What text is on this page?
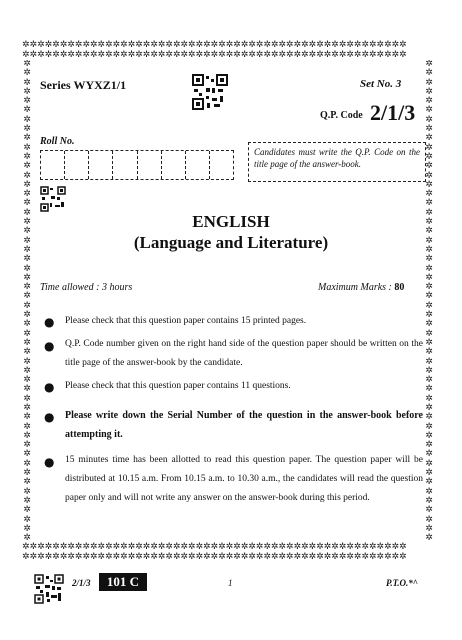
✲✲✲✲✲✲✲✲✲✲✲✲✲✲✲✲✲✲✲✲✲✲✲✲✲✲✲✲✲✲✲✲✲✲✲✲✲✲✲✲✲✲✲✲✲✲✲✲✲✲✲
✲✲✲✲✲✲✲✲✲✲✲✲✲✲✲✲✲✲✲✲✲✲✲✲✲✲✲✲✲✲✲✲✲✲✲✲✲✲✲✲✲✲✲✲✲✲✲✲✲✲✲
✲✲✲✲✲✲✲✲✲✲✲✲✲✲✲✲✲✲✲✲✲✲✲✲✲✲✲✲✲✲✲✲✲✲✲✲✲✲✲✲✲✲✲✲✲✲✲✲✲✲✲
✲✲✲✲✲✲✲✲✲✲✲✲✲✲✲✲✲✲✲✲✲✲✲✲✲✲✲✲✲✲✲✲✲✲✲✲✲✲✲✲✲✲✲✲✲✲✲✲✲✲✲
✲
✲
✲
✲
✲
✲
✲
✲
✲
✲
✲
✲
✲
✲
✲
✲
✲
✲
✲
✲
✲
✲
✲
✲
✲
✲
✲
✲
✲
✲
✲
✲
✲
✲
✲
✲
✲
✲
✲
✲
✲
✲
✲
✲
✲
✲
✲
✲
✲
✲
✲
✲
✲
✲
✲
✲
✲
✲
✲
✲
✲
✲
✲
✲
✲
✲
✲
✲
✲
✲
✲
✲
✲
✲
✲
✲
✲
✲
✲
✲
✲
✲
✲
✲
✲
✲
✲
✲
✲
✲
✲
✲
✲
✲
✲
✲
✲
✲
✲
✲
✲
✲
✲
✲
Series WYXZ1/1	Set No. 3
Q.P. Code 2/1/3
Roll No.
Candidates must write the Q.P. Code on the title page of the answer-book.
ENGLISH
(Language and Literature)
Time allowed : 3 hours	Maximum Marks : 80
● Please check that this question paper contains 15 printed pages.
● Q.P. Code number given on the right hand side of the question paper should be written on the title page of the answer-book by the candidate.
● Please check that this question paper contains 11 questions.
● Please write down the Serial Number of the question in the answer-book before attempting it.
● 15 minutes time has been allotted to read this question paper. The question paper will be distributed at 10.15 a.m. From 10.15 a.m. to 10.30 a.m., the candidates will read the question paper only and will not write any answer on the answer-book during this period.
2/1/3	101 C	1	P.T.O.*^
